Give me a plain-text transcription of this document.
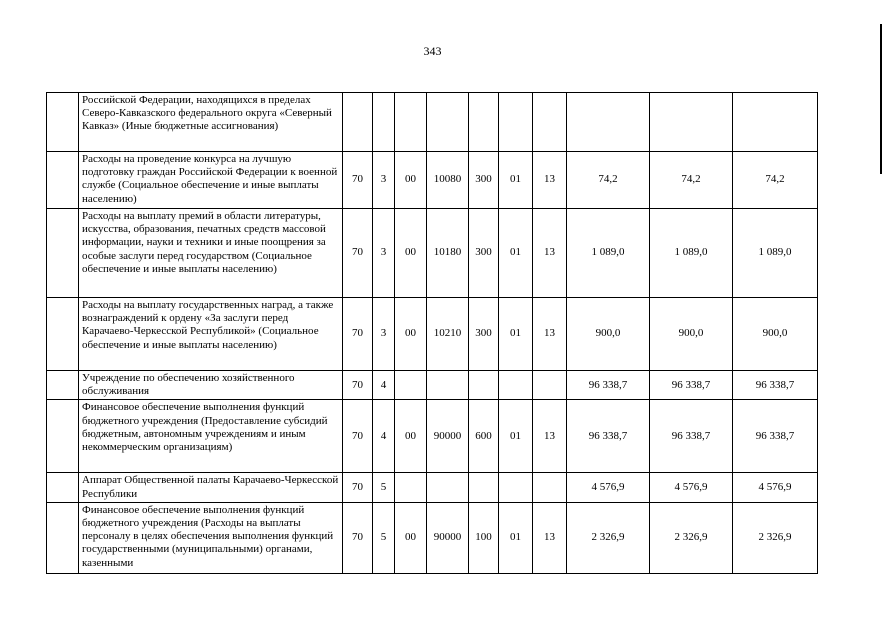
343
	Российской Федерации, находящихся в пределах Северо-Кавказского федерального округа «Северный Кавказ» (Иные бюджетные ассигнования)										
	Расходы на проведение конкурса на лучшую подготовку граждан Российской Федерации к военной службе (Социальное обеспечение и иные выплаты населению)	70	3	00	10080	300	01	13	74,2	74,2	74,2
	Расходы на выплату премий в области литературы, искусства, образования, печатных средств массовой информации, науки и техники и иные поощрения за особые заслуги перед государством (Социальное обеспечение и иные выплаты населению)	70	3	00	10180	300	01	13	1 089,0	1 089,0	1 089,0
	Расходы на выплату государственных наград, а также вознаграждений к ордену «За заслуги перед Карачаево-Черкесской Республикой» (Социальное обеспечение и иные выплаты населению)	70	3	00	10210	300	01	13	900,0	900,0	900,0
	Учреждение по обеспечению хозяйственного обслуживания	70	4						96 338,7	96 338,7	96 338,7
	Финансовое обеспечение выполнения функций бюджетного учреждения (Предоставление субсидий бюджетным, автономным учреждениям и иным некоммерческим организациям)	70	4	00	90000	600	01	13	96 338,7	96 338,7	96 338,7
	Аппарат Общественной палаты Карачаево-Черкесской Республики	70	5						4 576,9	4 576,9	4 576,9
	Финансовое обеспечение выполнения функций бюджетного учреждения (Расходы на выплаты персоналу в целях обеспечения выполнения функций государственными (муниципальными) органами, казенными	70	5	00	90000	100	01	13	2 326,9	2 326,9	2 326,9
